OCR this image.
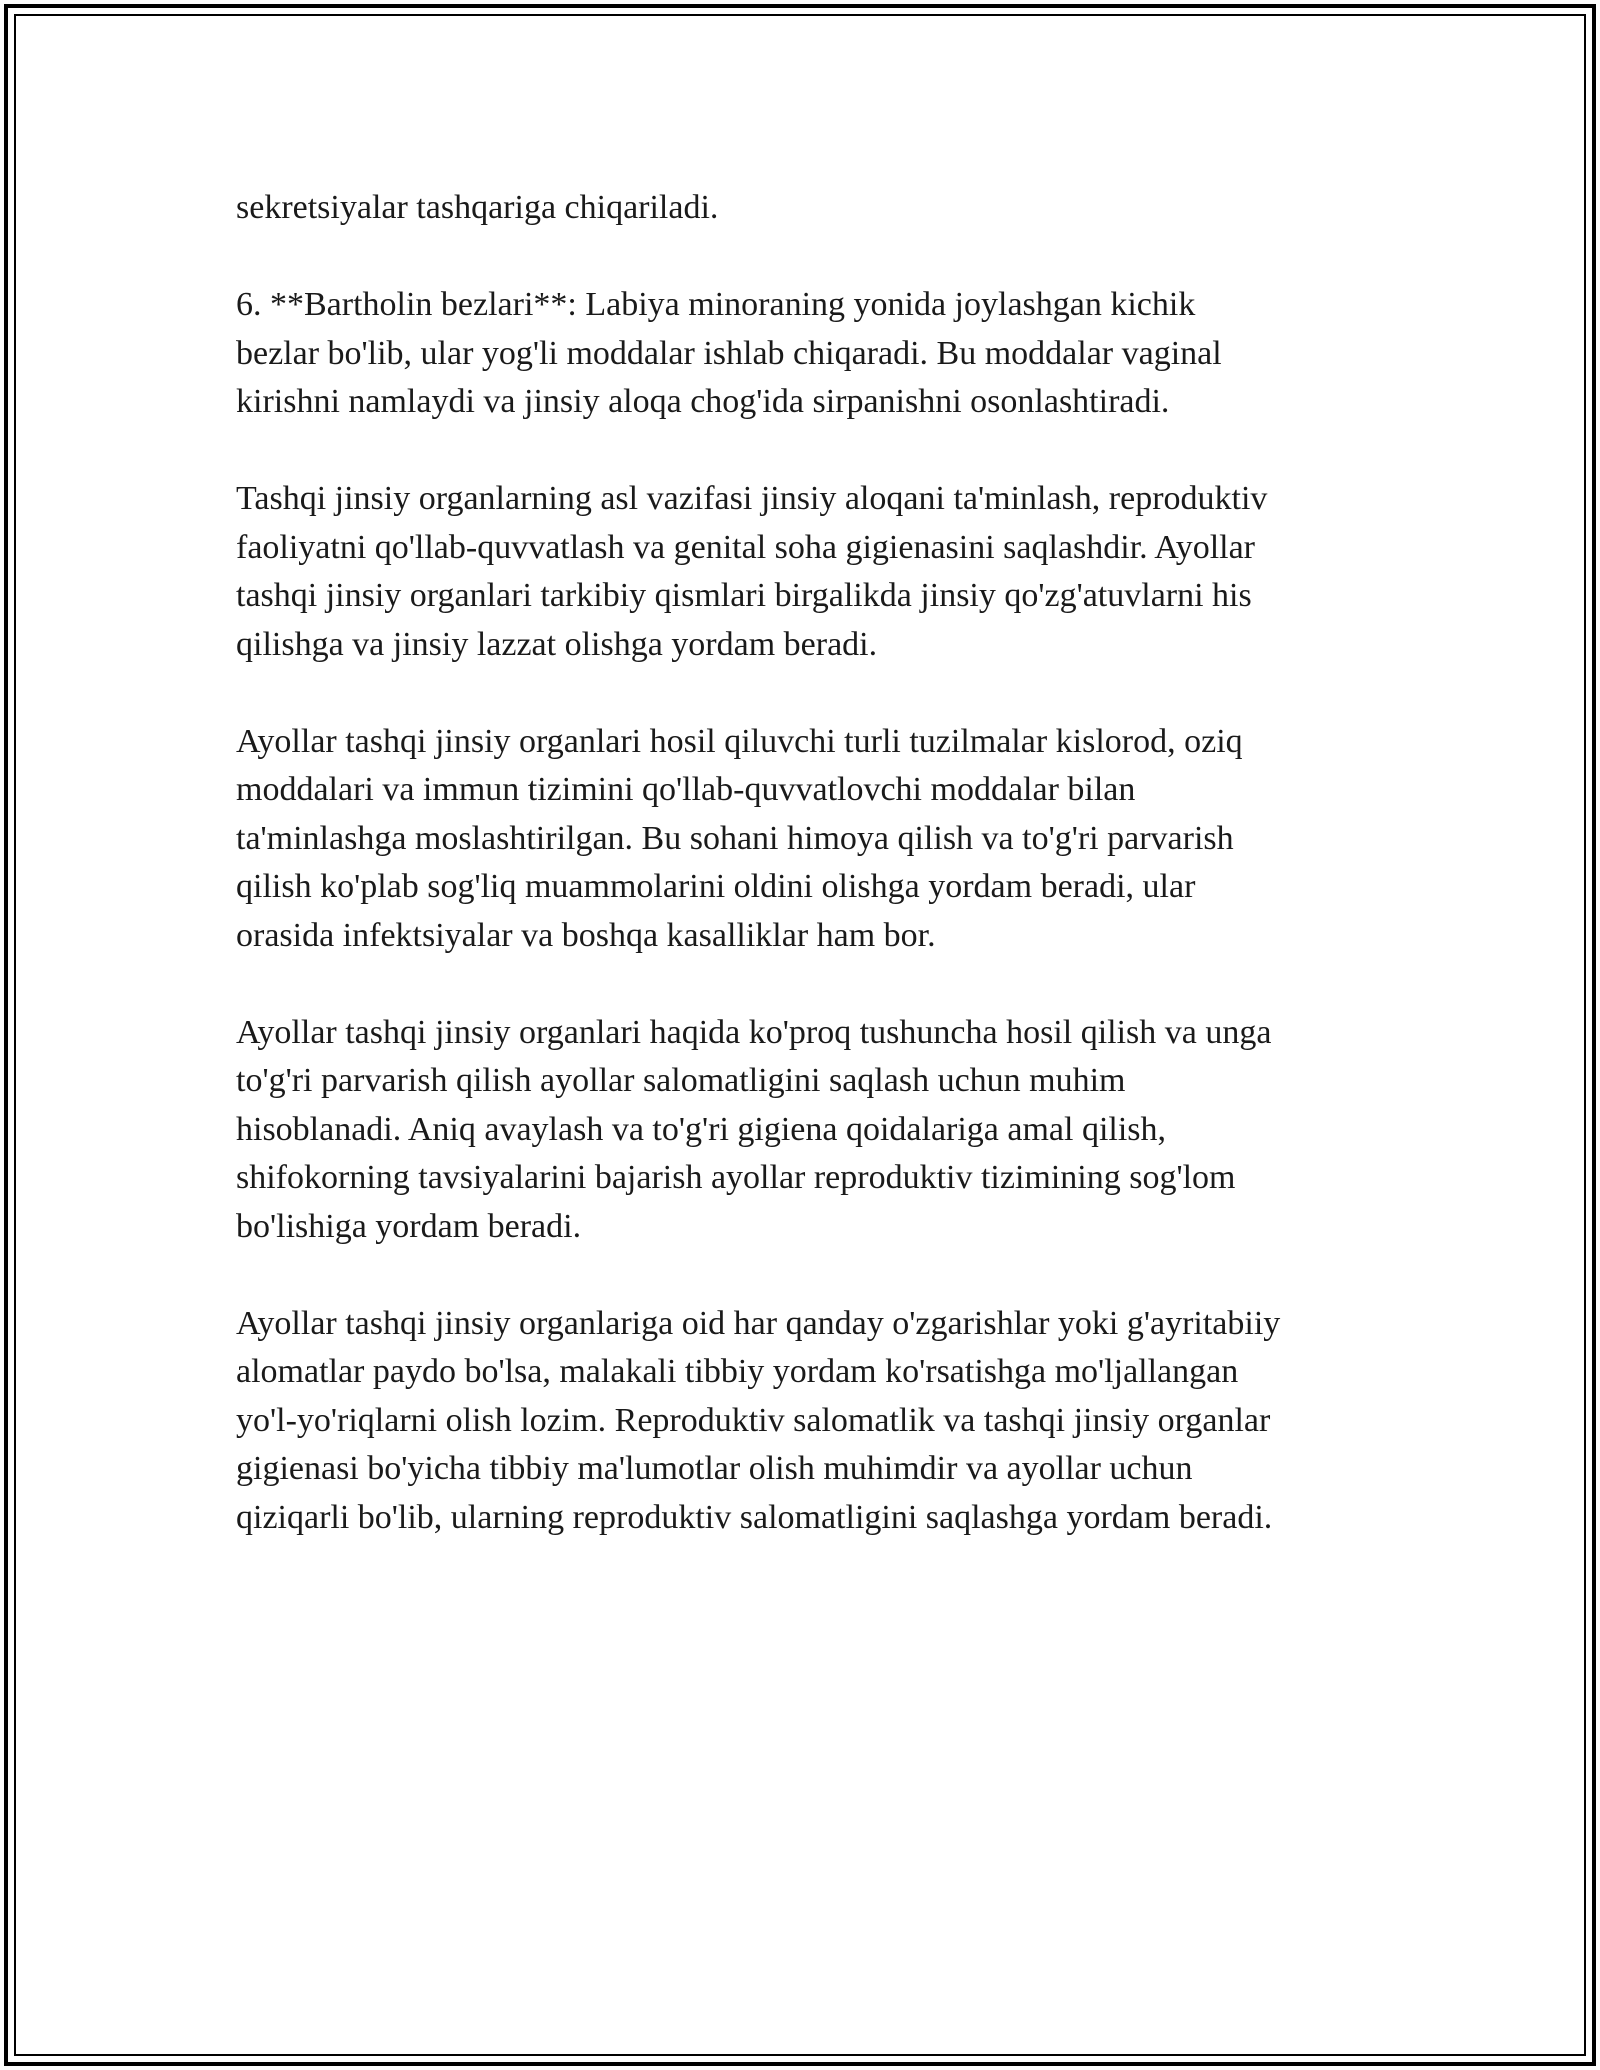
sekretsiyalar tashqariga chiqariladi.

6. **Bartholin bezlari**: Labiya minoraning yonida joylashgan kichik
bezlar bo'lib, ular yog'li moddalar ishlab chiqaradi. Bu moddalar vaginal
kirishni namlaydi va jinsiy aloqa chog'ida sirpanishni osonlashtiradi.

Tashqi jinsiy organlarning asl vazifasi jinsiy aloqani ta'minlash, reproduktiv
faoliyatni qo'llab-quvvatlash va genital soha gigienasini saqlashdir. Ayollar
tashqi jinsiy organlari tarkibiy qismlari birgalikda jinsiy qo'zg'atuvlarni his
qilishga va jinsiy lazzat olishga yordam beradi.

Ayollar tashqi jinsiy organlari hosil qiluvchi turli tuzilmalar kislorod, oziq
moddalari va immun tizimini qo'llab-quvvatlovchi moddalar bilan
ta'minlashga moslashtirilgan. Bu sohani himoya qilish va to'g'ri parvarish
qilish ko'plab sog'liq muammolarini oldini olishga yordam beradi, ular
orasida infektsiyalar va boshqa kasalliklar ham bor.

Ayollar tashqi jinsiy organlari haqida ko'proq tushuncha hosil qilish va unga
to'g'ri parvarish qilish ayollar salomatligini saqlash uchun muhim
hisoblanadi. Aniq avaylash va to'g'ri gigiena qoidalariga amal qilish,
shifokorning tavsiyalarini bajarish ayollar reproduktiv tizimining sog'lom
bo'lishiga yordam beradi.

Ayollar tashqi jinsiy organlariga oid har qanday o'zgarishlar yoki g'ayritabiiy
alomatlar paydo bo'lsa, malakali tibbiy yordam ko'rsatishga mo'ljallangan
yo'l-yo'riqlarni olish lozim. Reproduktiv salomatlik va tashqi jinsiy organlar
gigienasi bo'yicha tibbiy ma'lumotlar olish muhimdir va ayollar uchun
qiziqarli bo'lib, ularning reproduktiv salomatligini saqlashga yordam beradi.
